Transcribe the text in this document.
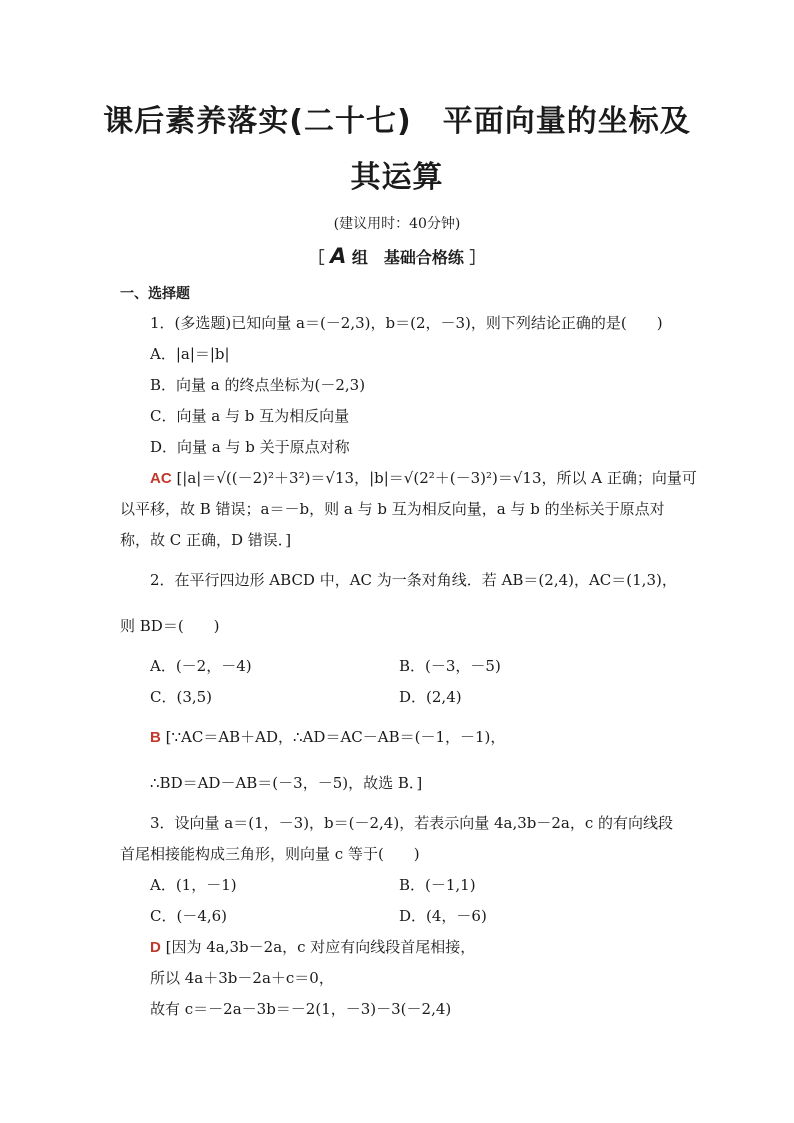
课后素养落实(二十七)　平面向量的坐标及
其运算
(建议用时：40分钟)
［ A 组　基础合格练 ］
一、选择题
1．(多选题)已知向量 a＝(－2,3)，b＝(2，－3)，则下列结论正确的是(　　)
A．|a|＝|b|
B．向量 a 的终点坐标为(－2,3)
C．向量 a 与 b 互为相反向量
D．向量 a 与 b 关于原点对称
AC [|a|＝√((－2)²＋3²)＝√13，|b|＝√(2²＋(－3)²)＝√13，所以 A 正确；向量可
以平移，故 B 错误；a＝－b，则 a 与 b 互为相反向量，a 与 b 的坐标关于原点对
称，故 C 正确，D 错误．]
2．在平行四边形 ABCD 中，AC 为一条对角线．若 AB＝(2,4)，AC＝(1,3)，
则 BD＝(　　)
A．(－2，－4)	B．(－3，－5)
C．(3,5)	D．(2,4)
B [∵AC＝AB＋AD，∴AD＝AC－AB＝(－1，－1)，
∴BD＝AD－AB＝(－3，－5)，故选 B．]
3．设向量 a＝(1，－3)，b＝(－2,4)，若表示向量 4a,3b－2a，c 的有向线段
首尾相接能构成三角形，则向量 c 等于(　　)
A．(1，－1)	B．(－1,1)
C．(－4,6)	D．(4，－6)
D [因为 4a,3b－2a，c 对应有向线段首尾相接，
所以 4a＋3b－2a＋c＝0，
故有 c＝－2a－3b＝－2(1，－3)－3(－2,4)
